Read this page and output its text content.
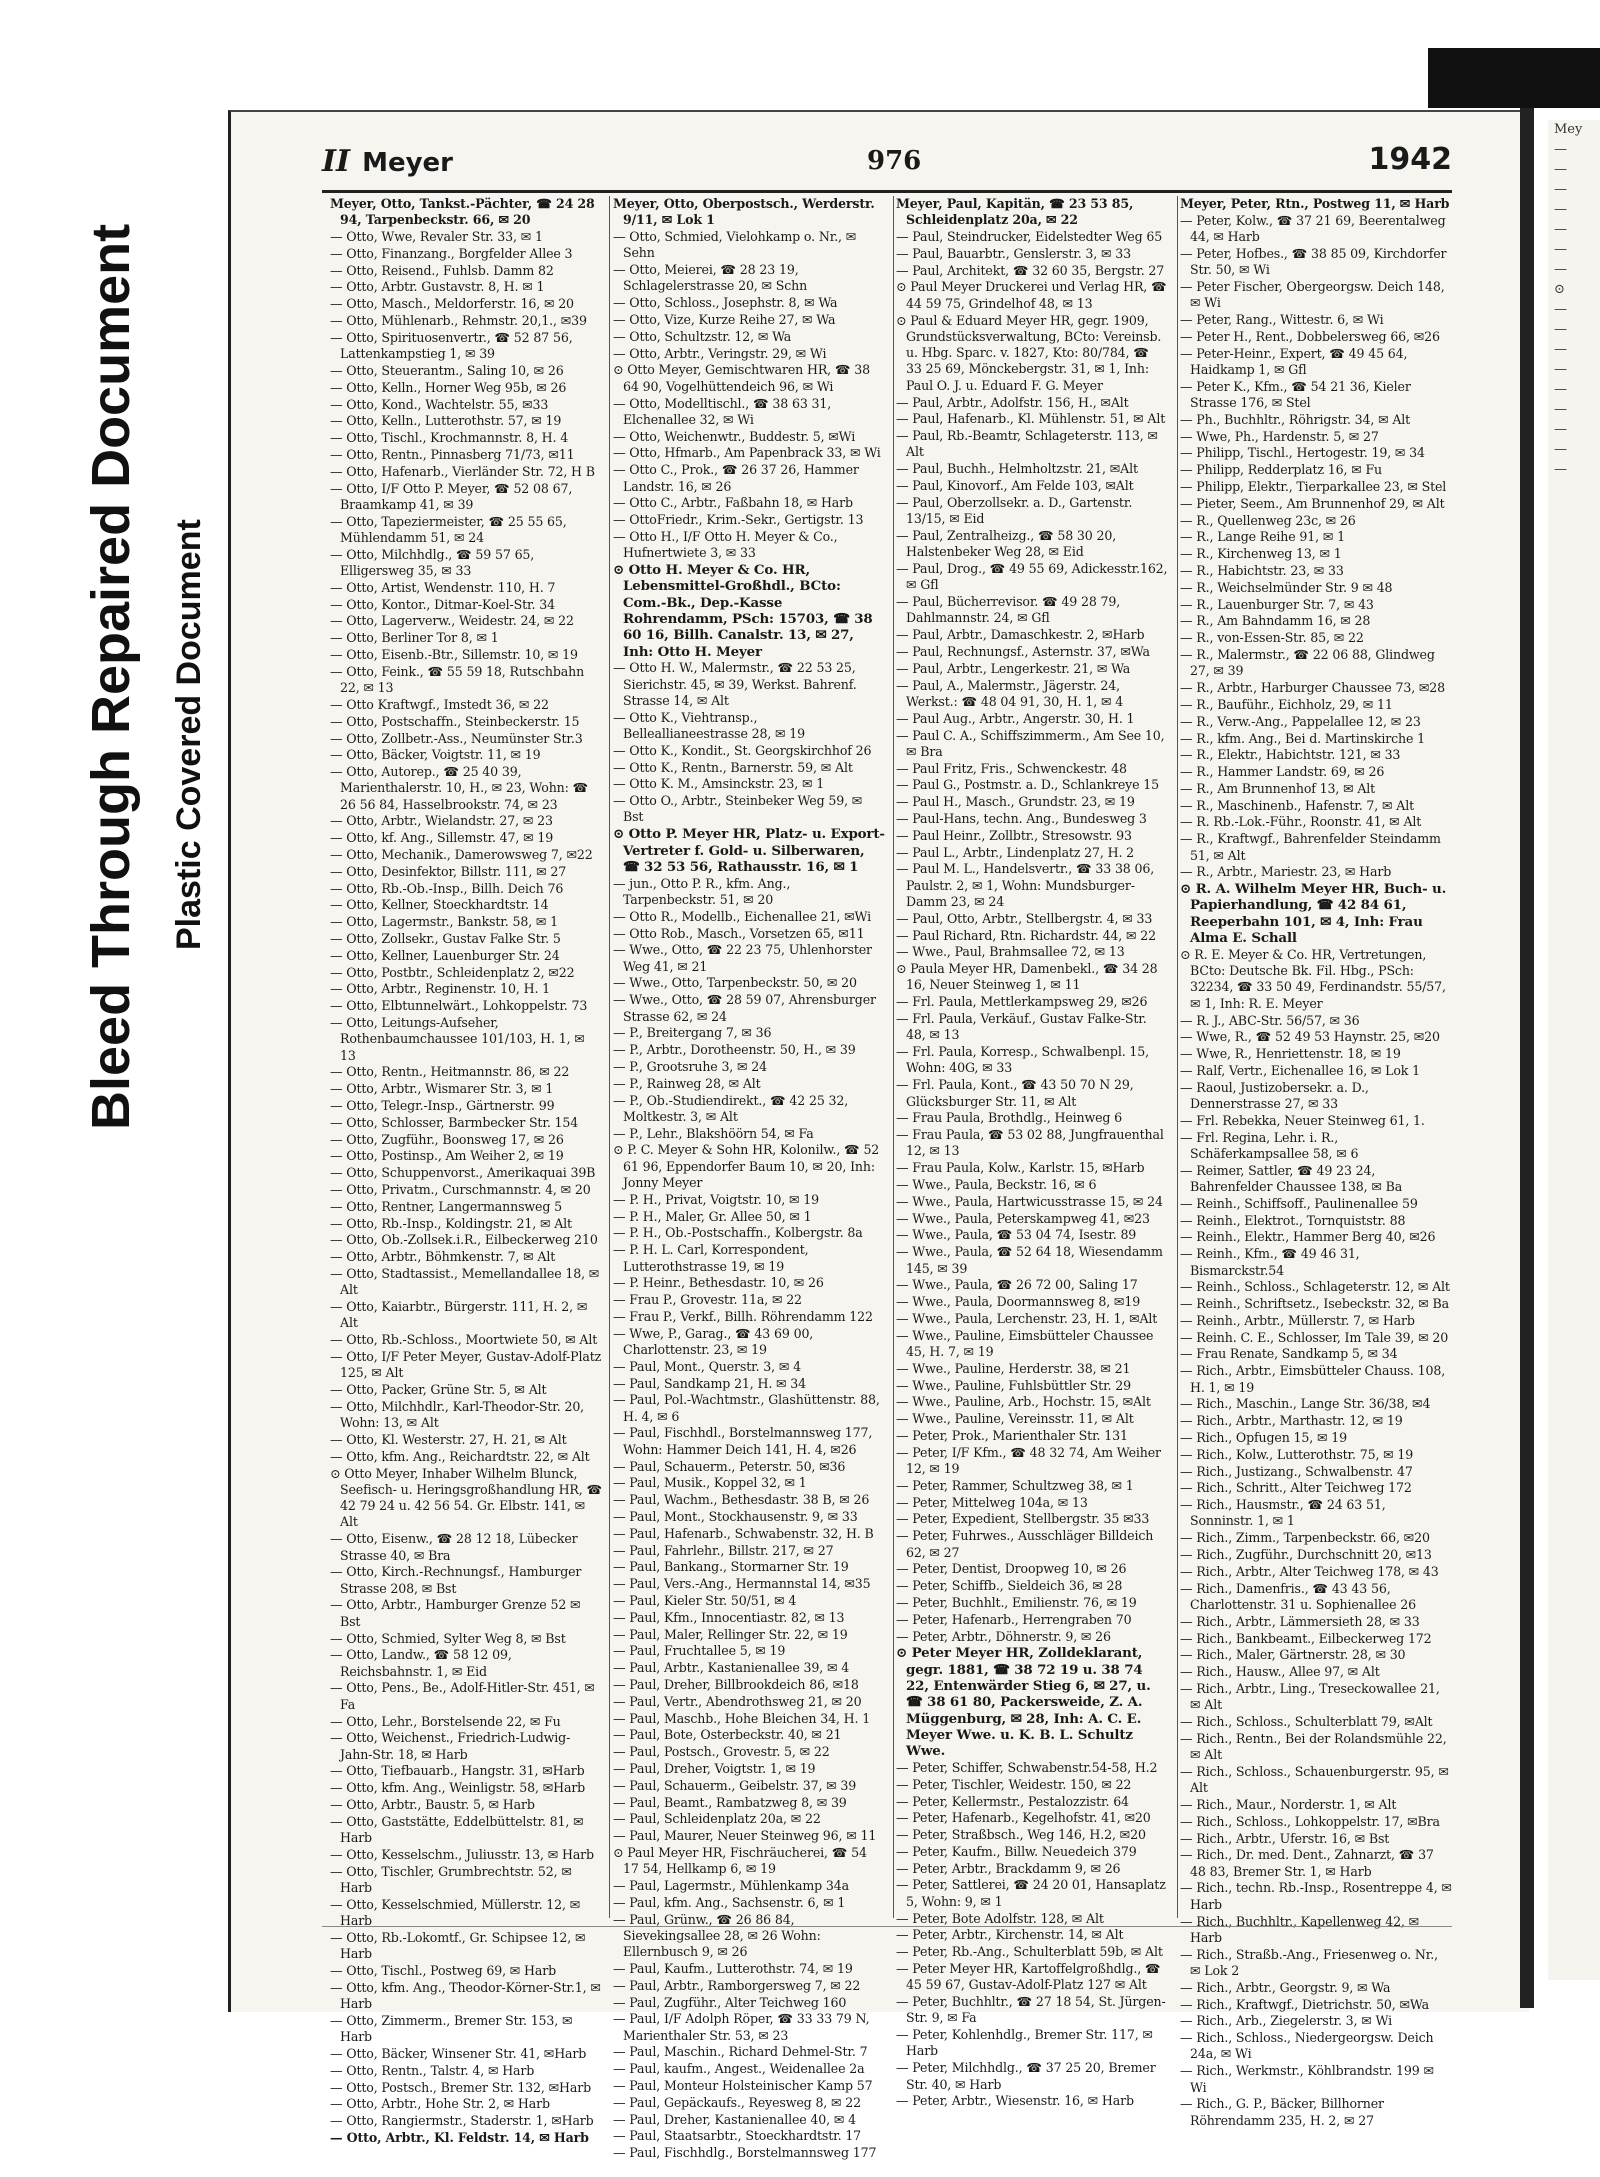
Bleed Through Repaired Document Plastic Covered Document
Mey
—
—
—
—
—
—
—
⊙
—
—
—
—
—
—
—
—
—
II Meyer	976	1942
Meyer, Otto, Tankst.-Pächter, ☎ 24 28 94, Tarpenbeckstr. 66, ✉ 20
— Otto, Wwe, Revaler Str. 33, ✉ 1
— Otto, Finanzang., Borgfelder Allee 3
— Otto, Reisend., Fuhlsb. Damm 82
— Otto, Arbtr. Gustavstr. 8, H. ✉ 1
— Otto, Masch., Meldorferstr. 16, ✉ 20
— Otto, Mühlenarb., Rehmstr. 20,1., ✉39
— Otto, Spirituosenvertr., ☎ 52 87 56, Lattenkampstieg 1, ✉ 39
— Otto, Steuerantm., Saling 10, ✉ 26
— Otto, Kelln., Horner Weg 95b, ✉ 26
— Otto, Kond., Wachtelstr. 55, ✉33
— Otto, Kelln., Lutterothstr. 57, ✉ 19
— Otto, Tischl., Krochmannstr. 8, H. 4
— Otto, Rentn., Pinnasberg 71/73, ✉11
— Otto, Hafenarb., Vierländer Str. 72, H B
— Otto, I/F Otto P. Meyer, ☎ 52 08 67, Braamkamp 41, ✉ 39
— Otto, Tapeziermeister, ☎ 25 55 65, Mühlendamm 51, ✉ 24
— Otto, Milchhdlg., ☎ 59 57 65, Elligersweg 35, ✉ 33
— Otto, Artist, Wendenstr. 110, H. 7
— Otto, Kontor., Ditmar-Koel-Str. 34
— Otto, Lagerverw., Weidestr. 24, ✉ 22
— Otto, Berliner Tor 8, ✉ 1
— Otto, Eisenb.-Btr., Sillemstr. 10, ✉ 19
— Otto, Feink., ☎ 55 59 18, Rutschbahn 22, ✉ 13
— Otto Kraftwgf., Imstedt 36, ✉ 22
— Otto, Postschaffn., Steinbeckerstr. 15
— Otto, Zollbetr.-Ass., Neumünster Str.3
— Otto, Bäcker, Voigtstr. 11, ✉ 19
— Otto, Autorep., ☎ 25 40 39, Marienthalerstr. 10, H., ✉ 23, Wohn: ☎ 26 56 84, Hasselbrookstr. 74, ✉ 23
— Otto, Arbtr., Wielandstr. 27, ✉ 23
— Otto, kf. Ang., Sillemstr. 47, ✉ 19
— Otto, Mechanik., Damerowsweg 7, ✉22
— Otto, Desinfektor, Billstr. 111, ✉ 27
— Otto, Rb.-Ob.-Insp., Billh. Deich 76
— Otto, Kellner, Stoeckhardtstr. 14
— Otto, Lagermstr., Bankstr. 58, ✉ 1
— Otto, Zollsekr., Gustav Falke Str. 5
— Otto, Kellner, Lauenburger Str. 24
— Otto, Postbtr., Schleidenplatz 2, ✉22
— Otto, Arbtr., Reginenstr. 10, H. 1
— Otto, Elbtunnelwärt., Lohkoppelstr. 73
— Otto, Leitungs-Aufseher, Rothenbaumchaussee 101/103, H. 1, ✉ 13
— Otto, Rentn., Heitmannstr. 86, ✉ 22
— Otto, Arbtr., Wismarer Str. 3, ✉ 1
— Otto, Telegr.-Insp., Gärtnerstr. 99
— Otto, Schlosser, Barmbecker Str. 154
— Otto, Zugführ., Boonsweg 17, ✉ 26
— Otto, Postinsp., Am Weiher 2, ✉ 19
— Otto, Schuppenvorst., Amerikaquai 39B
— Otto, Privatm., Curschmannstr. 4, ✉ 20
— Otto, Rentner, Langermannsweg 5
— Otto, Rb.-Insp., Koldingstr. 21, ✉ Alt
— Otto, Ob.-Zollsek.i.R., Eilbeckerweg 210
— Otto, Arbtr., Böhmkenstr. 7, ✉ Alt
— Otto, Stadtassist., Memellandallee 18, ✉ Alt
— Otto, Kaiarbtr., Bürgerstr. 111, H. 2, ✉ Alt
— Otto, Rb.-Schloss., Moortwiete 50, ✉ Alt
— Otto, I/F Peter Meyer, Gustav-Adolf-Platz 125, ✉ Alt
— Otto, Packer, Grüne Str. 5, ✉ Alt
— Otto, Milchhdlr., Karl-Theodor-Str. 20, Wohn: 13, ✉ Alt
— Otto, Kl. Westerstr. 27, H. 21, ✉ Alt
— Otto, kfm. Ang., Reichardtstr. 22, ✉ Alt
⊙ Otto Meyer, Inhaber Wilhelm Blunck, Seefisch- u. Heringsgroßhandlung HR, ☎ 42 79 24 u. 42 56 54. Gr. Elbstr. 141, ✉ Alt
— Otto, Eisenw., ☎ 28 12 18, Lübecker Strasse 40, ✉ Bra
— Otto, Kirch.-Rechnungsf., Hamburger Strasse 208, ✉ Bst
— Otto, Arbtr., Hamburger Grenze 52 ✉ Bst
— Otto, Schmied, Sylter Weg 8, ✉ Bst
— Otto, Landw., ☎ 58 12 09, Reichsbahnstr. 1, ✉ Eid
— Otto, Pens., Be., Adolf-Hitler-Str. 451, ✉ Fa
— Otto, Lehr., Borstelsende 22, ✉ Fu
— Otto, Weichenst., Friedrich-Ludwig-Jahn-Str. 18, ✉ Harb
— Otto, Tiefbauarb., Hangstr. 31, ✉Harb
— Otto, kfm. Ang., Weinligstr. 58, ✉Harb
— Otto, Arbtr., Baustr. 5, ✉ Harb
— Otto, Gaststätte, Eddelbüttelstr. 81, ✉ Harb
— Otto, Kesselschm., Juliusstr. 13, ✉ Harb
— Otto, Tischler, Grumbrechtstr. 52, ✉ Harb
— Otto, Kesselschmied, Müllerstr. 12, ✉ Harb
— Otto, Rb.-Lokomtf., Gr. Schipsee 12, ✉ Harb
— Otto, Tischl., Postweg 69, ✉ Harb
— Otto, kfm. Ang., Theodor-Körner-Str.1, ✉ Harb
— Otto, Zimmerm., Bremer Str. 153, ✉ Harb
— Otto, Bäcker, Winsener Str. 41, ✉Harb
— Otto, Rentn., Talstr. 4, ✉ Harb
— Otto, Postsch., Bremer Str. 132, ✉Harb
— Otto, Arbtr., Hohe Str. 2, ✉ Harb
— Otto, Rangiermstr., Staderstr. 1, ✉Harb
— Otto, Arbtr., Kl. Feldstr. 14, ✉ Harb
Meyer, Otto, Oberpostsch., Werderstr. 9/11, ✉ Lok 1
— Otto, Schmied, Vielohkamp o. Nr., ✉ Sehn
— Otto, Meierei, ☎ 28 23 19, Schlagelerstrasse 20, ✉ Schn
— Otto, Schloss., Josephstr. 8, ✉ Wa
— Otto, Vize, Kurze Reihe 27, ✉ Wa
— Otto, Schultzstr. 12, ✉ Wa
— Otto, Arbtr., Veringstr. 29, ✉ Wi
⊙ Otto Meyer, Gemischtwaren HR, ☎ 38 64 90, Vogelhüttendeich 96, ✉ Wi
— Otto, Modelltischl., ☎ 38 63 31, Elchenallee 32, ✉ Wi
— Otto, Weichenwtr., Buddestr. 5, ✉Wi
— Otto, Hfmarb., Am Papenbrack 33, ✉ Wi
— Otto C., Prok., ☎ 26 37 26, Hammer Landstr. 16, ✉ 26
— Otto C., Arbtr., Faßbahn 18, ✉ Harb
— OttoFriedr., Krim.-Sekr., Gertigstr. 13
— Otto H., I/F Otto H. Meyer & Co., Hufnertwiete 3, ✉ 33
⊙ Otto H. Meyer & Co. HR, Lebensmittel-Großhdl., BCto: Com.-Bk., Dep.-Kasse Rohrendamm, PSch: 15703, ☎ 38 60 16, Billh. Canalstr. 13, ✉ 27, Inh: Otto H. Meyer
— Otto H. W., Malermstr., ☎ 22 53 25, Sierichstr. 45, ✉ 39, Werkst. Bahrenf. Strasse 14, ✉ Alt
— Otto K., Viehtransp., Belleallianeestrasse 28, ✉ 19
— Otto K., Kondit., St. Georgskirchhof 26
— Otto K., Rentn., Barnerstr. 59, ✉ Alt
— Otto K. M., Amsinckstr. 23, ✉ 1
— Otto O., Arbtr., Steinbeker Weg 59, ✉ Bst
⊙ Otto P. Meyer HR, Platz- u. Export-Vertreter f. Gold- u. Silberwaren, ☎ 32 53 56, Rathausstr. 16, ✉ 1
— jun., Otto P. R., kfm. Ang., Tarpenbeckstr. 51, ✉ 20
— Otto R., Modellb., Eichenallee 21, ✉Wi
— Otto Rob., Masch., Vorsetzen 65, ✉11
— Wwe., Otto, ☎ 22 23 75, Uhlenhorster Weg 41, ✉ 21
— Wwe., Otto, Tarpenbeckstr. 50, ✉ 20
— Wwe., Otto, ☎ 28 59 07, Ahrensburger Strasse 62, ✉ 24
— P., Breitergang 7, ✉ 36
— P., Arbtr., Dorotheenstr. 50, H., ✉ 39
— P., Grootsruhe 3, ✉ 24
— P., Rainweg 28, ✉ Alt
— P., Ob.-Studiendirekt., ☎ 42 25 32, Moltkestr. 3, ✉ Alt
— P., Lehr., Blakshöörn 54, ✉ Fa
⊙ P. C. Meyer & Sohn HR, Kolonilw., ☎ 52 61 96, Eppendorfer Baum 10, ✉ 20, Inh: Jonny Meyer
— P. H., Privat, Voigtstr. 10, ✉ 19
— P. H., Maler, Gr. Allee 50, ✉ 1
— P. H., Ob.-Postschaffn., Kolbergstr. 8a
— P. H. L. Carl, Korrespondent, Lutterothstrasse 19, ✉ 19
— P. Heinr., Bethesdastr. 10, ✉ 26
— Frau P., Grovestr. 11a, ✉ 22
— Frau P., Verkf., Billh. Röhrendamm 122
— Wwe, P., Garag., ☎ 43 69 00, Charlottenstr. 23, ✉ 19
— Paul, Mont., Querstr. 3, ✉ 4
— Paul, Sandkamp 21, H. ✉ 34
— Paul, Pol.-Wachtmstr., Glashüttenstr. 88, H. 4, ✉ 6
— Paul, Fischhdl., Borstelmannsweg 177, Wohn: Hammer Deich 141, H. 4, ✉26
— Paul, Schauerm., Peterstr. 50, ✉36
— Paul, Musik., Koppel 32, ✉ 1
— Paul, Wachm., Bethesdastr. 38 B, ✉ 26
— Paul, Mont., Stockhausenstr. 9, ✉ 33
— Paul, Hafenarb., Schwabenstr. 32, H. B
— Paul, Fahrlehr., Billstr. 217, ✉ 27
— Paul, Bankang., Stormarner Str. 19
— Paul, Vers.-Ang., Hermannstal 14, ✉35
— Paul, Kieler Str. 50/51, ✉ 4
— Paul, Kfm., Innocentiastr. 82, ✉ 13
— Paul, Maler, Rellinger Str. 22, ✉ 19
— Paul, Fruchtallee 5, ✉ 19
— Paul, Arbtr., Kastanienallee 39, ✉ 4
— Paul, Dreher, Billbrookdeich 86, ✉18
— Paul, Vertr., Abendrothsweg 21, ✉ 20
— Paul, Maschb., Hohe Bleichen 34, H. 1
— Paul, Bote, Osterbeckstr. 40, ✉ 21
— Paul, Postsch., Grovestr. 5, ✉ 22
— Paul, Dreher, Voigtstr. 1, ✉ 19
— Paul, Schauerm., Geibelstr. 37, ✉ 39
— Paul, Beamt., Rambatzweg 8, ✉ 39
— Paul, Schleidenplatz 20a, ✉ 22
— Paul, Maurer, Neuer Steinweg 96, ✉ 11
⊙ Paul Meyer HR, Fischräucherei, ☎ 54 17 54, Hellkamp 6, ✉ 19
— Paul, Lagermstr., Mühlenkamp 34a
— Paul, kfm. Ang., Sachsenstr. 6, ✉ 1
— Paul, Grünw., ☎ 26 86 84, Sievekingsallee 28, ✉ 26 Wohn: Ellernbusch 9, ✉ 26
— Paul, Kaufm., Lutterothstr. 74, ✉ 19
— Paul, Arbtr., Ramborgersweg 7, ✉ 22
— Paul, Zugführ., Alter Teichweg 160
— Paul, I/F Adolph Röper, ☎ 33 33 79 N, Marienthaler Str. 53, ✉ 23
— Paul, Maschin., Richard Dehmel-Str. 7
— Paul, kaufm., Angest., Weidenallee 2a
— Paul, Monteur Holsteinischer Kamp 57
— Paul, Gepäckaufs., Reyesweg 8, ✉ 22
— Paul, Dreher, Kastanienallee 40, ✉ 4
— Paul, Staatsarbtr., Stoeckhardtstr. 17
— Paul, Fischhdlg., Borstelmannsweg 177
Meyer, Paul, Kapitän, ☎ 23 53 85, Schleidenplatz 20a, ✉ 22
— Paul, Steindrucker, Eidelstedter Weg 65
— Paul, Bauarbtr., Genslerstr. 3, ✉ 33
— Paul, Architekt, ☎ 32 60 35, Bergstr. 27
⊙ Paul Meyer Druckerei und Verlag HR, ☎ 44 59 75, Grindelhof 48, ✉ 13
⊙ Paul & Eduard Meyer HR, gegr. 1909, Grundstücksverwaltung, BCto: Vereinsb. u. Hbg. Sparc. v. 1827, Kto: 80/784, ☎ 33 25 69, Mönckebergstr. 31, ✉ 1, Inh: Paul O. J. u. Eduard F. G. Meyer
— Paul, Arbtr., Adolfstr. 156, H., ✉Alt
— Paul, Hafenarb., Kl. Mühlenstr. 51, ✉ Alt
— Paul, Rb.-Beamtr, Schlageterstr. 113, ✉ Alt
— Paul, Buchh., Helmholtzstr. 21, ✉Alt
— Paul, Kinovorf., Am Felde 103, ✉Alt
— Paul, Oberzollsekr. a. D., Gartenstr. 13/15, ✉ Eid
— Paul, Zentralheizg., ☎ 58 30 20, Halstenbeker Weg 28, ✉ Eid
— Paul, Drog., ☎ 49 55 69, Adickesstr.162, ✉ Gfl
— Paul, Bücherrevisor. ☎ 49 28 79, Dahlmannstr. 24, ✉ Gfl
— Paul, Arbtr., Damaschkestr. 2, ✉Harb
— Paul, Rechnungsf., Asternstr. 37, ✉Wa
— Paul, Arbtr., Lengerkestr. 21, ✉ Wa
— Paul, A., Malermstr., Jägerstr. 24, Werkst.: ☎ 48 04 91, 30, H. 1, ✉ 4
— Paul Aug., Arbtr., Angerstr. 30, H. 1
— Paul C. A., Schiffszimmerm., Am See 10, ✉ Bra
— Paul Fritz, Fris., Schwenckestr. 48
— Paul G., Postmstr. a. D., Schlankreye 15
— Paul H., Masch., Grundstr. 23, ✉ 19
— Paul-Hans, techn. Ang., Bundesweg 3
— Paul Heinr., Zollbtr., Stresowstr. 93
— Paul L., Arbtr., Lindenplatz 27, H. 2
— Paul M. L., Handelsvertr., ☎ 33 38 06, Paulstr. 2, ✉ 1, Wohn: Mundsburger-Damm 23, ✉ 24
— Paul, Otto, Arbtr., Stellbergstr. 4, ✉ 33
— Paul Richard, Rtn. Richardstr. 44, ✉ 22
— Wwe., Paul, Brahmsallee 72, ✉ 13
⊙ Paula Meyer HR, Damenbekl., ☎ 34 28 16, Neuer Steinweg 1, ✉ 11
— Frl. Paula, Mettlerkampsweg 29, ✉26
— Frl. Paula, Verkäuf., Gustav Falke-Str. 48, ✉ 13
— Frl. Paula, Korresp., Schwalbenpl. 15, Wohn: 40G, ✉ 33
— Frl. Paula, Kont., ☎ 43 50 70 N 29, Glücksburger Str. 11, ✉ Alt
— Frau Paula, Brothdlg., Heinweg 6
— Frau Paula, ☎ 53 02 88, Jungfrauenthal 12, ✉ 13
— Frau Paula, Kolw., Karlstr. 15, ✉Harb
— Wwe., Paula, Beckstr. 16, ✉ 6
— Wwe., Paula, Hartwicusstrasse 15, ✉ 24
— Wwe., Paula, Peterskampweg 41, ✉23
— Wwe., Paula, ☎ 53 04 74, Isestr. 89
— Wwe., Paula, ☎ 52 64 18, Wiesendamm 145, ✉ 39
— Wwe., Paula, ☎ 26 72 00, Saling 17
— Wwe., Paula, Doormannsweg 8, ✉19
— Wwe., Paula, Lerchenstr. 23, H. 1, ✉Alt
— Wwe., Pauline, Eimsbütteler Chaussee 45, H. 7, ✉ 19
— Wwe., Pauline, Herderstr. 38, ✉ 21
— Wwe., Pauline, Fuhlsbüttler Str. 29
— Wwe., Pauline, Arb., Hochstr. 15, ✉Alt
— Wwe., Pauline, Vereinsstr. 11, ✉ Alt
— Peter, Prok., Marienthaler Str. 131
— Peter, I/F Kfm., ☎ 48 32 74, Am Weiher 12, ✉ 19
— Peter, Rammer, Schultzweg 38, ✉ 1
— Peter, Mittelweg 104a, ✉ 13
— Peter, Expedient, Stellbergstr. 35 ✉33
— Peter, Fuhrwes., Ausschläger Billdeich 62, ✉ 27
— Peter, Dentist, Droopweg 10, ✉ 26
— Peter, Schiffb., Sieldeich 36, ✉ 28
— Peter, Buchhlt., Emilienstr. 76, ✉ 19
— Peter, Hafenarb., Herrengraben 70
— Peter, Arbtr., Döhnerstr. 9, ✉ 26
⊙ Peter Meyer HR, Zolldeklarant, gegr. 1881, ☎ 38 72 19 u. 38 74 22, Entenwärder Stieg 6, ✉ 27, u. ☎ 38 61 80, Packersweide, Z. A. Müggenburg, ✉ 28, Inh: A. C. E. Meyer Wwe. u. K. B. L. Schultz Wwe.
— Peter, Schiffer, Schwabenstr.54-58, H.2
— Peter, Tischler, Weidestr. 150, ✉ 22
— Peter, Kellermstr., Pestalozzistr. 64
— Peter, Hafenarb., Kegelhofstr. 41, ✉20
— Peter, Straßbsch., Weg 146, H.2, ✉20
— Peter, Kaufm., Billw. Neuedeich 379
— Peter, Arbtr., Brackdamm 9, ✉ 26
— Peter, Sattlerei, ☎ 24 20 01, Hansaplatz 5, Wohn: 9, ✉ 1
— Peter, Bote Adolfstr. 128, ✉ Alt
— Peter, Arbtr., Kirchenstr. 14, ✉ Alt
— Peter, Rb.-Ang., Schulterblatt 59b, ✉ Alt
— Peter Meyer HR, Kartoffelgroßhdlg., ☎ 45 59 67, Gustav-Adolf-Platz 127 ✉ Alt
— Peter, Buchhltr., ☎ 27 18 54, St. Jürgen-Str. 9, ✉ Fa
— Peter, Kohlenhdlg., Bremer Str. 117, ✉ Harb
— Peter, Milchhdlg., ☎ 37 25 20, Bremer Str. 40, ✉ Harb
— Peter, Arbtr., Wiesenstr. 16, ✉ Harb
Meyer, Peter, Rtn., Postweg 11, ✉ Harb
— Peter, Kolw., ☎ 37 21 69, Beerentalweg 44, ✉ Harb
— Peter, Hofbes., ☎ 38 85 09, Kirchdorfer Str. 50, ✉ Wi
— Peter Fischer, Obergeorgsw. Deich 148, ✉ Wi
— Peter, Rang., Wittestr. 6, ✉ Wi
— Peter H., Rent., Dobbelersweg 66, ✉26
— Peter-Heinr., Expert, ☎ 49 45 64, Haidkamp 1, ✉ Gfl
— Peter K., Kfm., ☎ 54 21 36, Kieler Strasse 176, ✉ Stel
— Ph., Buchhltr., Röhrigstr. 34, ✉ Alt
— Wwe, Ph., Hardenstr. 5, ✉ 27
— Philipp, Tischl., Hertogestr. 19, ✉ 34
— Philipp, Redderplatz 16, ✉ Fu
— Philipp, Elektr., Tierparkallee 23, ✉ Stel
— Pieter, Seem., Am Brunnenhof 29, ✉ Alt
— R., Quellenweg 23c, ✉ 26
— R., Lange Reihe 91, ✉ 1
— R., Kirchenweg 13, ✉ 1
— R., Habichtstr. 23, ✉ 33
— R., Weichselmünder Str. 9 ✉ 48
— R., Lauenburger Str. 7, ✉ 43
— R., Am Bahndamm 16, ✉ 28
— R., von-Essen-Str. 85, ✉ 22
— R., Malermstr., ☎ 22 06 88, Glindweg 27, ✉ 39
— R., Arbtr., Harburger Chaussee 73, ✉28
— R., Bauführ., Eichholz, 29, ✉ 11
— R., Verw.-Ang., Pappelallee 12, ✉ 23
— R., kfm. Ang., Bei d. Martinskirche 1
— R., Elektr., Habichtstr. 121, ✉ 33
— R., Hammer Landstr. 69, ✉ 26
— R., Am Brunnenhof 13, ✉ Alt
— R., Maschinenb., Hafenstr. 7, ✉ Alt
— R. Rb.-Lok.-Führ., Roonstr. 41, ✉ Alt
— R., Kraftwgf., Bahrenfelder Steindamm 51, ✉ Alt
— R., Arbtr., Mariestr. 23, ✉ Harb
⊙ R. A. Wilhelm Meyer HR, Buch- u. Papierhandlung, ☎ 42 84 61, Reeperbahn 101, ✉ 4, Inh: Frau Alma E. Schall
⊙ R. E. Meyer & Co. HR, Vertretungen, BCto: Deutsche Bk. Fil. Hbg., PSch: 32234, ☎ 33 50 49, Ferdinandstr. 55/57, ✉ 1, Inh: R. E. Meyer
— R. J., ABC-Str. 56/57, ✉ 36
— Wwe, R., ☎ 52 49 53 Haynstr. 25, ✉20
— Wwe, R., Henriettenstr. 18, ✉ 19
— Ralf, Vertr., Eichenallee 16, ✉ Lok 1
— Raoul, Justizobersekr. a. D., Dennerstrasse 27, ✉ 33
— Frl. Rebekka, Neuer Steinweg 61, 1.
— Frl. Regina, Lehr. i. R., Schäferkampsallee 58, ✉ 6
— Reimer, Sattler, ☎ 49 23 24, Bahrenfelder Chaussee 138, ✉ Ba
— Reinh., Schiffsoff., Paulinenallee 59
— Reinh., Elektrot., Tornquiststr. 88
— Reinh., Elektr., Hammer Berg 40, ✉26
— Reinh., Kfm., ☎ 49 46 31, Bismarckstr.54
— Reinh., Schloss., Schlageterstr. 12, ✉ Alt
— Reinh., Schriftsetz., Isebeckstr. 32, ✉ Ba
— Reinh., Arbtr., Müllerstr. 7, ✉ Harb
— Reinh. C. E., Schlosser, Im Tale 39, ✉ 20
— Frau Renate, Sandkamp 5, ✉ 34
— Rich., Arbtr., Eimsbütteler Chauss. 108, H. 1, ✉ 19
— Rich., Maschin., Lange Str. 36/38, ✉4
— Rich., Arbtr., Marthastr. 12, ✉ 19
— Rich., Opfugen 15, ✉ 19
— Rich., Kolw., Lutterothstr. 75, ✉ 19
— Rich., Justizang., Schwalbenstr. 47
— Rich., Schritt., Alter Teichweg 172
— Rich., Hausmstr., ☎ 24 63 51, Sonninstr. 1, ✉ 1
— Rich., Zimm., Tarpenbeckstr. 66, ✉20
— Rich., Zugführ., Durchschnitt 20, ✉13
— Rich., Arbtr., Alter Teichweg 178, ✉ 43
— Rich., Damenfris., ☎ 43 43 56, Charlottenstr. 31 u. Sophienallee 26
— Rich., Arbtr., Lämmersieth 28, ✉ 33
— Rich., Bankbeamt., Eilbeckerweg 172
— Rich., Maler, Gärtnerstr. 28, ✉ 30
— Rich., Hausw., Allee 97, ✉ Alt
— Rich., Arbtr., Ling., Treseckowallee 21, ✉ Alt
— Rich., Schloss., Schulterblatt 79, ✉Alt
— Rich., Rentn., Bei der Rolandsmühle 22, ✉ Alt
— Rich., Schloss., Schauenburgerstr. 95, ✉ Alt
— Rich., Maur., Norderstr. 1, ✉ Alt
— Rich., Schloss., Lohkoppelstr. 17, ✉Bra
— Rich., Arbtr., Uferstr. 16, ✉ Bst
— Rich., Dr. med. Dent., Zahnarzt, ☎ 37 48 83, Bremer Str. 1, ✉ Harb
— Rich., techn. Rb.-Insp., Rosentreppe 4, ✉ Harb
— Rich., Buchhltr., Kapellenweg 42, ✉ Harb
— Rich., Straßb.-Ang., Friesenweg o. Nr., ✉ Lok 2
— Rich., Arbtr., Georgstr. 9, ✉ Wa
— Rich., Kraftwgf., Dietrichstr. 50, ✉Wa
— Rich., Arb., Ziegelerstr. 3, ✉ Wi
— Rich., Schloss., Niedergeorgsw. Deich 24a, ✉ Wi
— Rich., Werkmstr., Köhlbrandstr. 199 ✉ Wi
— Rich., G. P., Bäcker, Billhorner Röhrendamm 235, H. 2, ✉ 27
